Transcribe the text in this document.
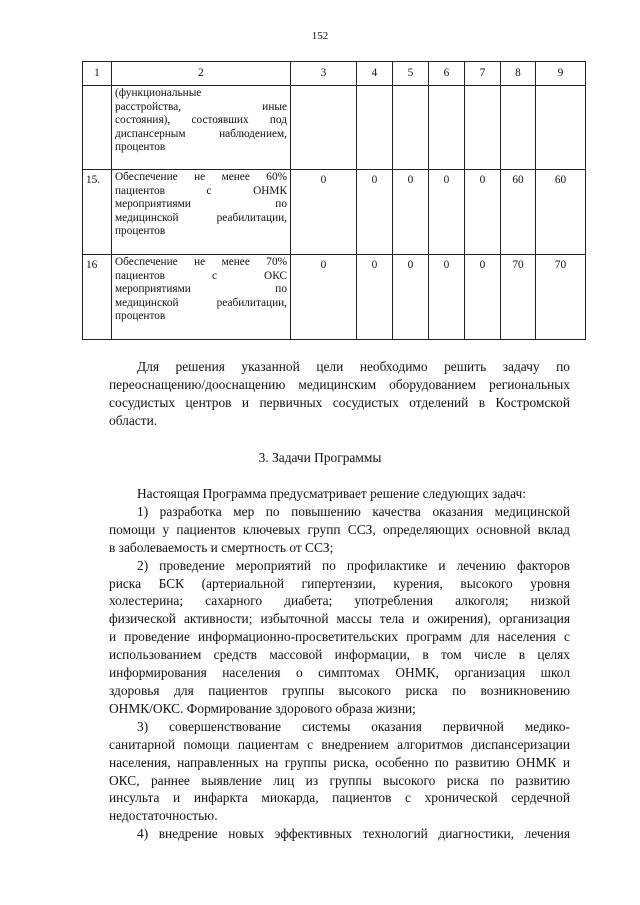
152
1	2	3	4	5	6	7	8	9

	(функциональные
расстройства, иные
состояния), состоявших под
диспансерным наблюдением,
процентов							

15.	Обеспечение не менее 60%
пациентов с ОНМК
мероприятиями по
медицинской реабилитации,
процентов	0	0	0	0	0	60	60
16	Обеспечение не менее 70%
пациентов с ОКС
мероприятиями по
медицинской реабилитации,
процентов	0	0	0	0	0	70	70
Для решения указанной цели необходимо решить задачу по
переоснащению/дооснащению медицинским оборудованием региональных
сосудистых центров и первичных сосудистых отделений в Костромской
области.
3. Задачи Программы
Настоящая Программа предусматривает решение следующих задач:
1) разработка мер по повышению качества оказания медицинской
помощи у пациентов ключевых групп ССЗ, определяющих основной вклад
в заболеваемость и смертность от ССЗ;
2) проведение мероприятий по профилактике и лечению факторов
риска БСК (артериальной гипертензии, курения, высокого уровня
холестерина; сахарного диабета; употребления алкоголя; низкой
физической активности; избыточной массы тела и ожирения), организация
и проведение информационно-просветительских программ для населения с
использованием средств массовой информации, в том числе в целях
информирования населения о симптомах ОНМК, организация школ
здоровья для пациентов группы высокого риска по возникновению
ОНМК/ОКС. Формирование здорового образа жизни;
3) совершенствование системы оказания первичной медико-
санитарной помощи пациентам с внедрением алгоритмов диспансеризации
населения, направленных на группы риска, особенно по развитию ОНМК и
ОКС, раннее выявление лиц из группы высокого риска по развитию
инсульта и инфаркта миокарда, пациентов с хронической сердечной
недостаточностью.
4) внедрение новых эффективных технологий диагностики, лечения
